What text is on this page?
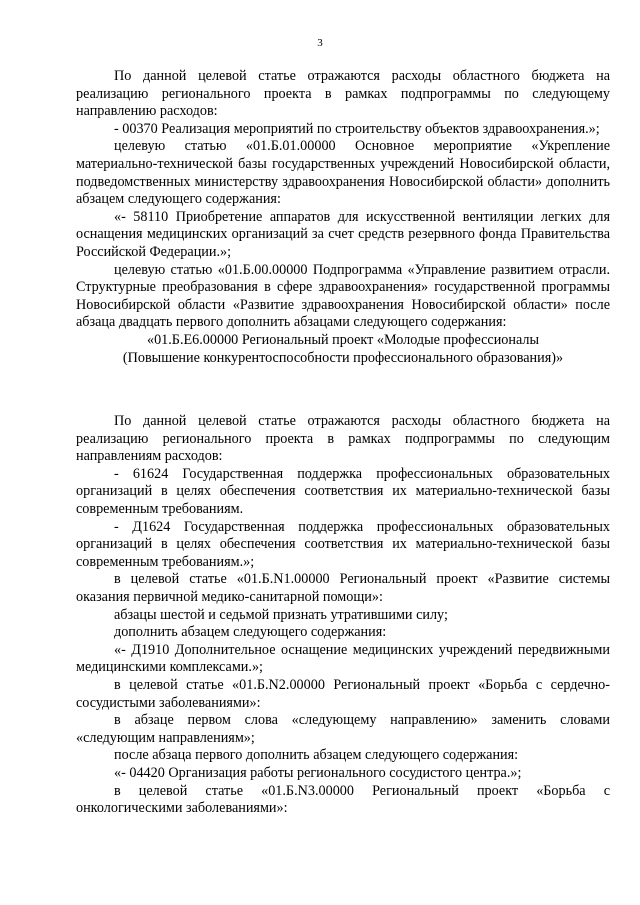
3

По данной целевой статье отражаются расходы областного бюджета на реализацию регионального проекта в рамках подпрограммы по следующему направлению расходов:

- 00370 Реализация мероприятий по строительству объектов здравоохранения.»;

целевую статью «01.Б.01.00000 Основное мероприятие «Укрепление материально-технической базы государственных учреждений Новосибирской области, подведомственных министерству здравоохранения Новосибирской области» дополнить абзацем следующего содержания:

«- 58110 Приобретение аппаратов для искусственной вентиляции легких для оснащения медицинских организаций за счет средств резервного фонда Правительства Российской Федерации.»;

целевую статью «01.Б.00.00000 Подпрограмма «Управление развитием отрасли. Структурные преобразования в сфере здравоохранения» государственной программы Новосибирской области «Развитие здравоохранения Новосибирской области» после абзаца двадцать первого дополнить абзацами следующего содержания:

«01.Б.Е6.00000 Региональный проект «Молодые профессионалы

(Повышение конкурентоспособности профессионального образования)»

По данной целевой статье отражаются расходы областного бюджета на реализацию регионального проекта в рамках подпрограммы по следующим направлениям расходов:

- 61624 Государственная поддержка профессиональных образовательных организаций в целях обеспечения соответствия их материально-технической базы современным требованиям.

- Д1624 Государственная поддержка профессиональных образовательных организаций в целях обеспечения соответствия их материально-технической базы современным требованиям.»;

в целевой статье «01.Б.N1.00000 Региональный проект «Развитие системы оказания первичной медико-санитарной помощи»:

абзацы шестой и седьмой признать утратившими силу;

дополнить абзацем следующего содержания:

«- Д1910 Дополнительное оснащение медицинских учреждений передвижными медицинскими комплексами.»;

в целевой статье «01.Б.N2.00000 Региональный проект «Борьба с сердечно-сосудистыми заболеваниями»:

в абзаце первом слова «следующему направлению» заменить словами «следующим направлениям»;

после абзаца первого дополнить абзацем следующего содержания:

«- 04420 Организация работы регионального сосудистого центра.»;

в целевой статье «01.Б.N3.00000 Региональный проект «Борьба с онкологическими заболеваниями»:
